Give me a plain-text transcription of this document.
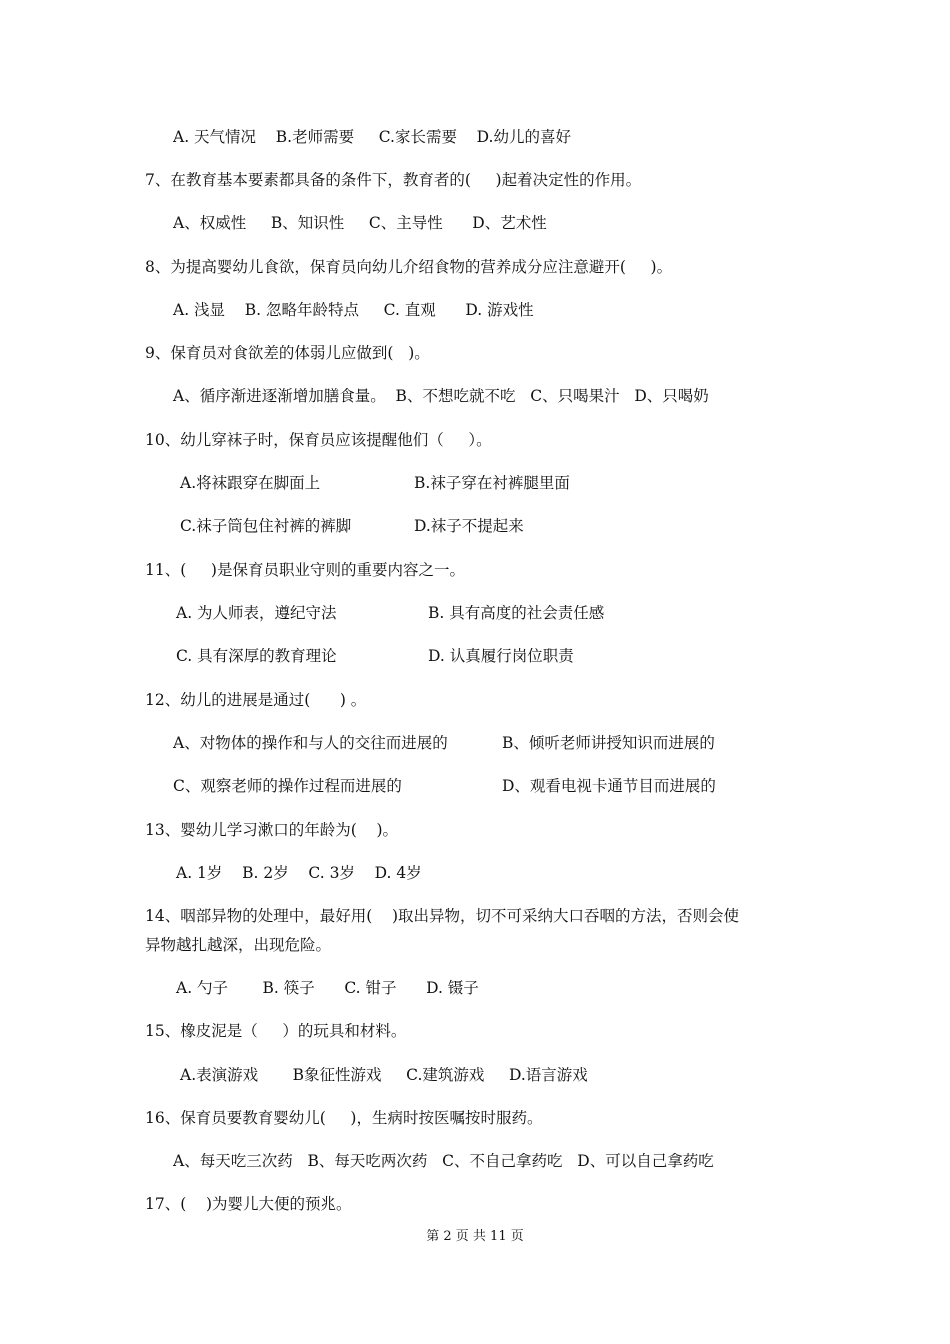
A. 天气情况    B.老师需要     C.家长需要    D.幼儿的喜好
7、在教育基本要素都具备的条件下，教育者的(     )起着决定性的作用。
A、权威性     B、知识性     C、主导性      D、艺术性
8、为提高婴幼儿食欲，保育员向幼儿介绍食物的营养成分应注意避开(     )。
A. 浅显    B. 忽略年龄特点     C. 直观      D. 游戏性
9、保育员对食欲差的体弱儿应做到(   )。
A、循序渐进逐渐增加膳食量。  B、不想吃就不吃   C、只喝果汁   D、只喝奶
10、幼儿穿袜子时，保育员应该提醒他们（     ）。
A.将袜跟穿在脚面上	B.袜子穿在衬裤腿里面
C.袜子筒包住衬裤的裤脚	D.袜子不提起来
11、(     )是保育员职业守则的重要内容之一。
A. 为人师表，遵纪守法	B. 具有高度的社会责任感
C. 具有深厚的教育理论	D. 认真履行岗位职责
12、幼儿的进展是通过(      ) 。
A、对物体的操作和与人的交往而进展的	B、倾听老师讲授知识而进展的
C、观察老师的操作过程而进展的	D、观看电视卡通节目而进展的
13、婴幼儿学习漱口的年龄为(    )。
A. 1岁    B. 2岁    C. 3岁    D. 4岁
14、咽部异物的处理中，最好用(    )取出异物，切不可采纳大口吞咽的方法，否则会使
异物越扎越深，出现危险。
A. 勺子       B. 筷子      C. 钳子      D. 镊子
15、橡皮泥是（     ）的玩具和材料。
A.表演游戏       B象征性游戏     C.建筑游戏     D.语言游戏
16、保育员要教育婴幼儿(     )，生病时按医嘱按时服药。
A、每天吃三次药   B、每天吃两次药   C、不自己拿药吃   D、可以自己拿药吃
17、(    )为婴儿大便的预兆。
第 2 页 共 11 页
